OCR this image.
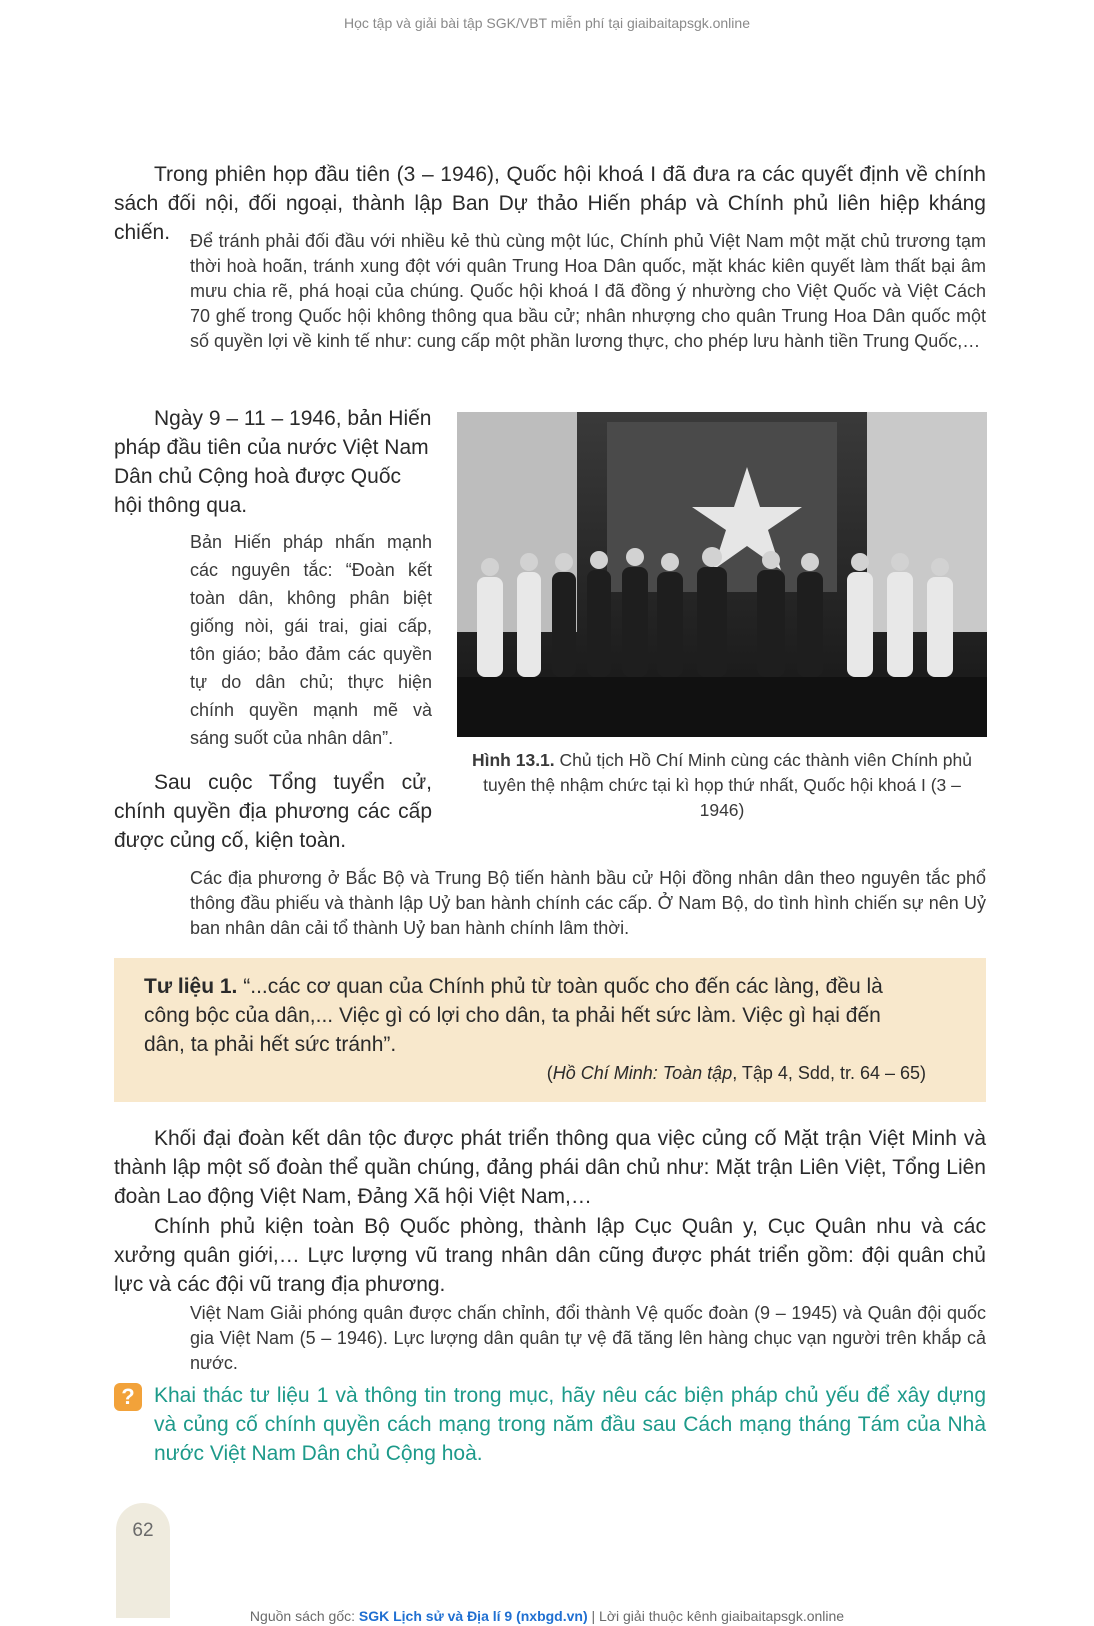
Học tập và giải bài tập SGK/VBT miễn phí tại giaibaitapsgk.online
Trong phiên họp đầu tiên (3 – 1946), Quốc hội khoá I đã đưa ra các quyết định về chính sách đối nội, đối ngoại, thành lập Ban Dự thảo Hiến pháp và Chính phủ liên hiệp kháng chiến.	Để tránh phải đối đầu với nhiều kẻ thù cùng một lúc, Chính phủ Việt Nam một mặt chủ trương tạm thời hoà hoãn, tránh xung đột với quân Trung Hoa Dân quốc, mặt khác kiên quyết làm thất bại âm mưu chia rẽ, phá hoại của chúng. Quốc hội khoá I đã đồng ý nhường cho Việt Quốc và Việt Cách 70 ghế trong Quốc hội không thông qua bầu cử; nhân nhượng cho quân Trung Hoa Dân quốc một số quyền lợi về kinh tế như: cung cấp một phần lương thực, cho phép lưu hành tiền Trung Quốc,…
Ngày 9 – 11 – 1946, bản Hiến pháp đầu tiên của nước Việt Nam Dân chủ Cộng hoà được Quốc hội thông qua.
Bản Hiến pháp nhấn mạnh các nguyên tắc: “Đoàn kết toàn dân, không phân biệt giống nòi, gái trai, giai cấp, tôn giáo; bảo đảm các quyền tự do dân chủ; thực hiện chính quyền mạnh mẽ và sáng suốt của nhân dân”.
Sau cuộc Tổng tuyển cử, chính quyền địa phương các cấp được củng cố, kiện toàn.
Hình 13.1. Chủ tịch Hồ Chí Minh cùng các thành viên Chính phủ tuyên thệ nhậm chức tại kì họp thứ nhất, Quốc hội khoá I (3 – 1946)
Các địa phương ở Bắc Bộ và Trung Bộ tiến hành bầu cử Hội đồng nhân dân theo nguyên tắc phổ thông đầu phiếu và thành lập Uỷ ban hành chính các cấp. Ở Nam Bộ, do tình hình chiến sự nên Uỷ ban nhân dân cải tổ thành Uỷ ban hành chính lâm thời.
Tư liệu 1. “...các cơ quan của Chính phủ từ toàn quốc cho đến các làng, đều là công bộc của dân,... Việc gì có lợi cho dân, ta phải hết sức làm. Việc gì hại đến dân, ta phải hết sức tránh”.
(Hồ Chí Minh: Toàn tập, Tập 4, Sdd, tr. 64 – 65)
Khối đại đoàn kết dân tộc được phát triển thông qua việc củng cố Mặt trận Việt Minh và thành lập một số đoàn thể quần chúng, đảng phái dân chủ như: Mặt trận Liên Việt, Tổng Liên đoàn Lao động Việt Nam, Đảng Xã hội Việt Nam,…
Chính phủ kiện toàn Bộ Quốc phòng, thành lập Cục Quân y, Cục Quân nhu và các xưởng quân giới,… Lực lượng vũ trang nhân dân cũng được phát triển gồm: đội quân chủ lực và các đội vũ trang địa phương.
Việt Nam Giải phóng quân được chấn chỉnh, đổi thành Vệ quốc đoàn (9 – 1945) và Quân đội quốc gia Việt Nam (5 – 1946). Lực lượng dân quân tự vệ đã tăng lên hàng chục vạn người trên khắp cả nước.
? Khai thác tư liệu 1 và thông tin trong mục, hãy nêu các biện pháp chủ yếu để xây dựng và củng cố chính quyền cách mạng trong năm đầu sau Cách mạng tháng Tám của Nhà nước Việt Nam Dân chủ Cộng hoà.
62
Nguồn sách gốc: SGK Lịch sử và Địa lí 9 (nxbgd.vn) | Lời giải thuộc kênh giaibaitapsgk.online
